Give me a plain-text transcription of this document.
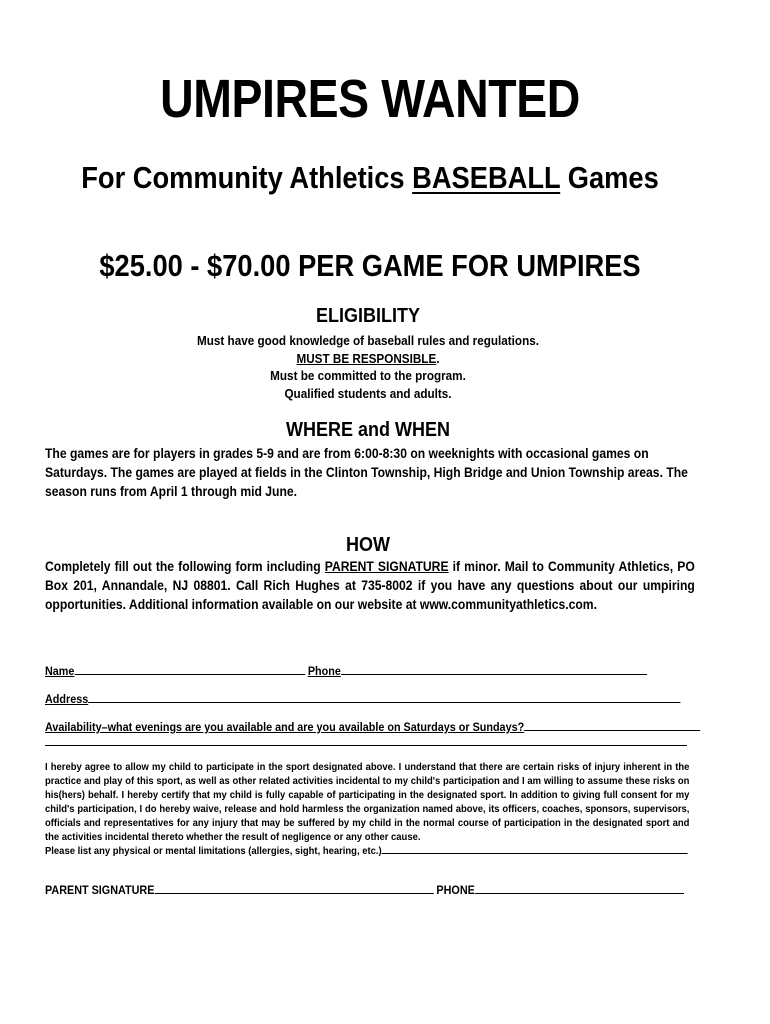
UMPIRES WANTED
For Community Athletics BASEBALL Games
$25.00 - $70.00 PER GAME FOR UMPIRES
ELIGIBILITY
Must have good knowledge of baseball rules and regulations.
MUST BE RESPONSIBLE.
Must be committed to the program.
Qualified students and adults.
WHERE and WHEN
The games are for players in grades 5-9 and are from 6:00-8:30 on weeknights with occasional games on Saturdays. The games are played at fields in the Clinton Township, High Bridge and Union Township areas. The season runs from April 1 through mid June.
HOW
Completely fill out the following form including PARENT SIGNATURE if minor. Mail to Community Athletics, PO Box 201, Annandale, NJ 08801. Call Rich Hughes at 735-8002 if you have any questions about our umpiring opportunities. Additional information available on our website at www.communityathletics.com.
Name	Phone
Address
Availability–what evenings are you available and are you available on Saturdays or Sundays?
I hereby agree to allow my child to participate in the sport designated above. I understand that there are certain risks of injury inherent in the practice and play of this sport, as well as other related activities incidental to my child's participation and I am willing to assume these risks on his(hers) behalf. I hereby certify that my child is fully capable of participating in the designated sport. In addition to giving full consent for my child's participation, I do hereby waive, release and hold harmless the organization named above, its officers, coaches, sponsors, supervisors, officials and representatives for any injury that may be suffered by my child in the normal course of participation in the designated sport and the activities incidental thereto whether the result of negligence or any other cause.
Please list any physical or mental limitations (allergies, sight, hearing, etc.)
PARENT SIGNATURE	PHONE
